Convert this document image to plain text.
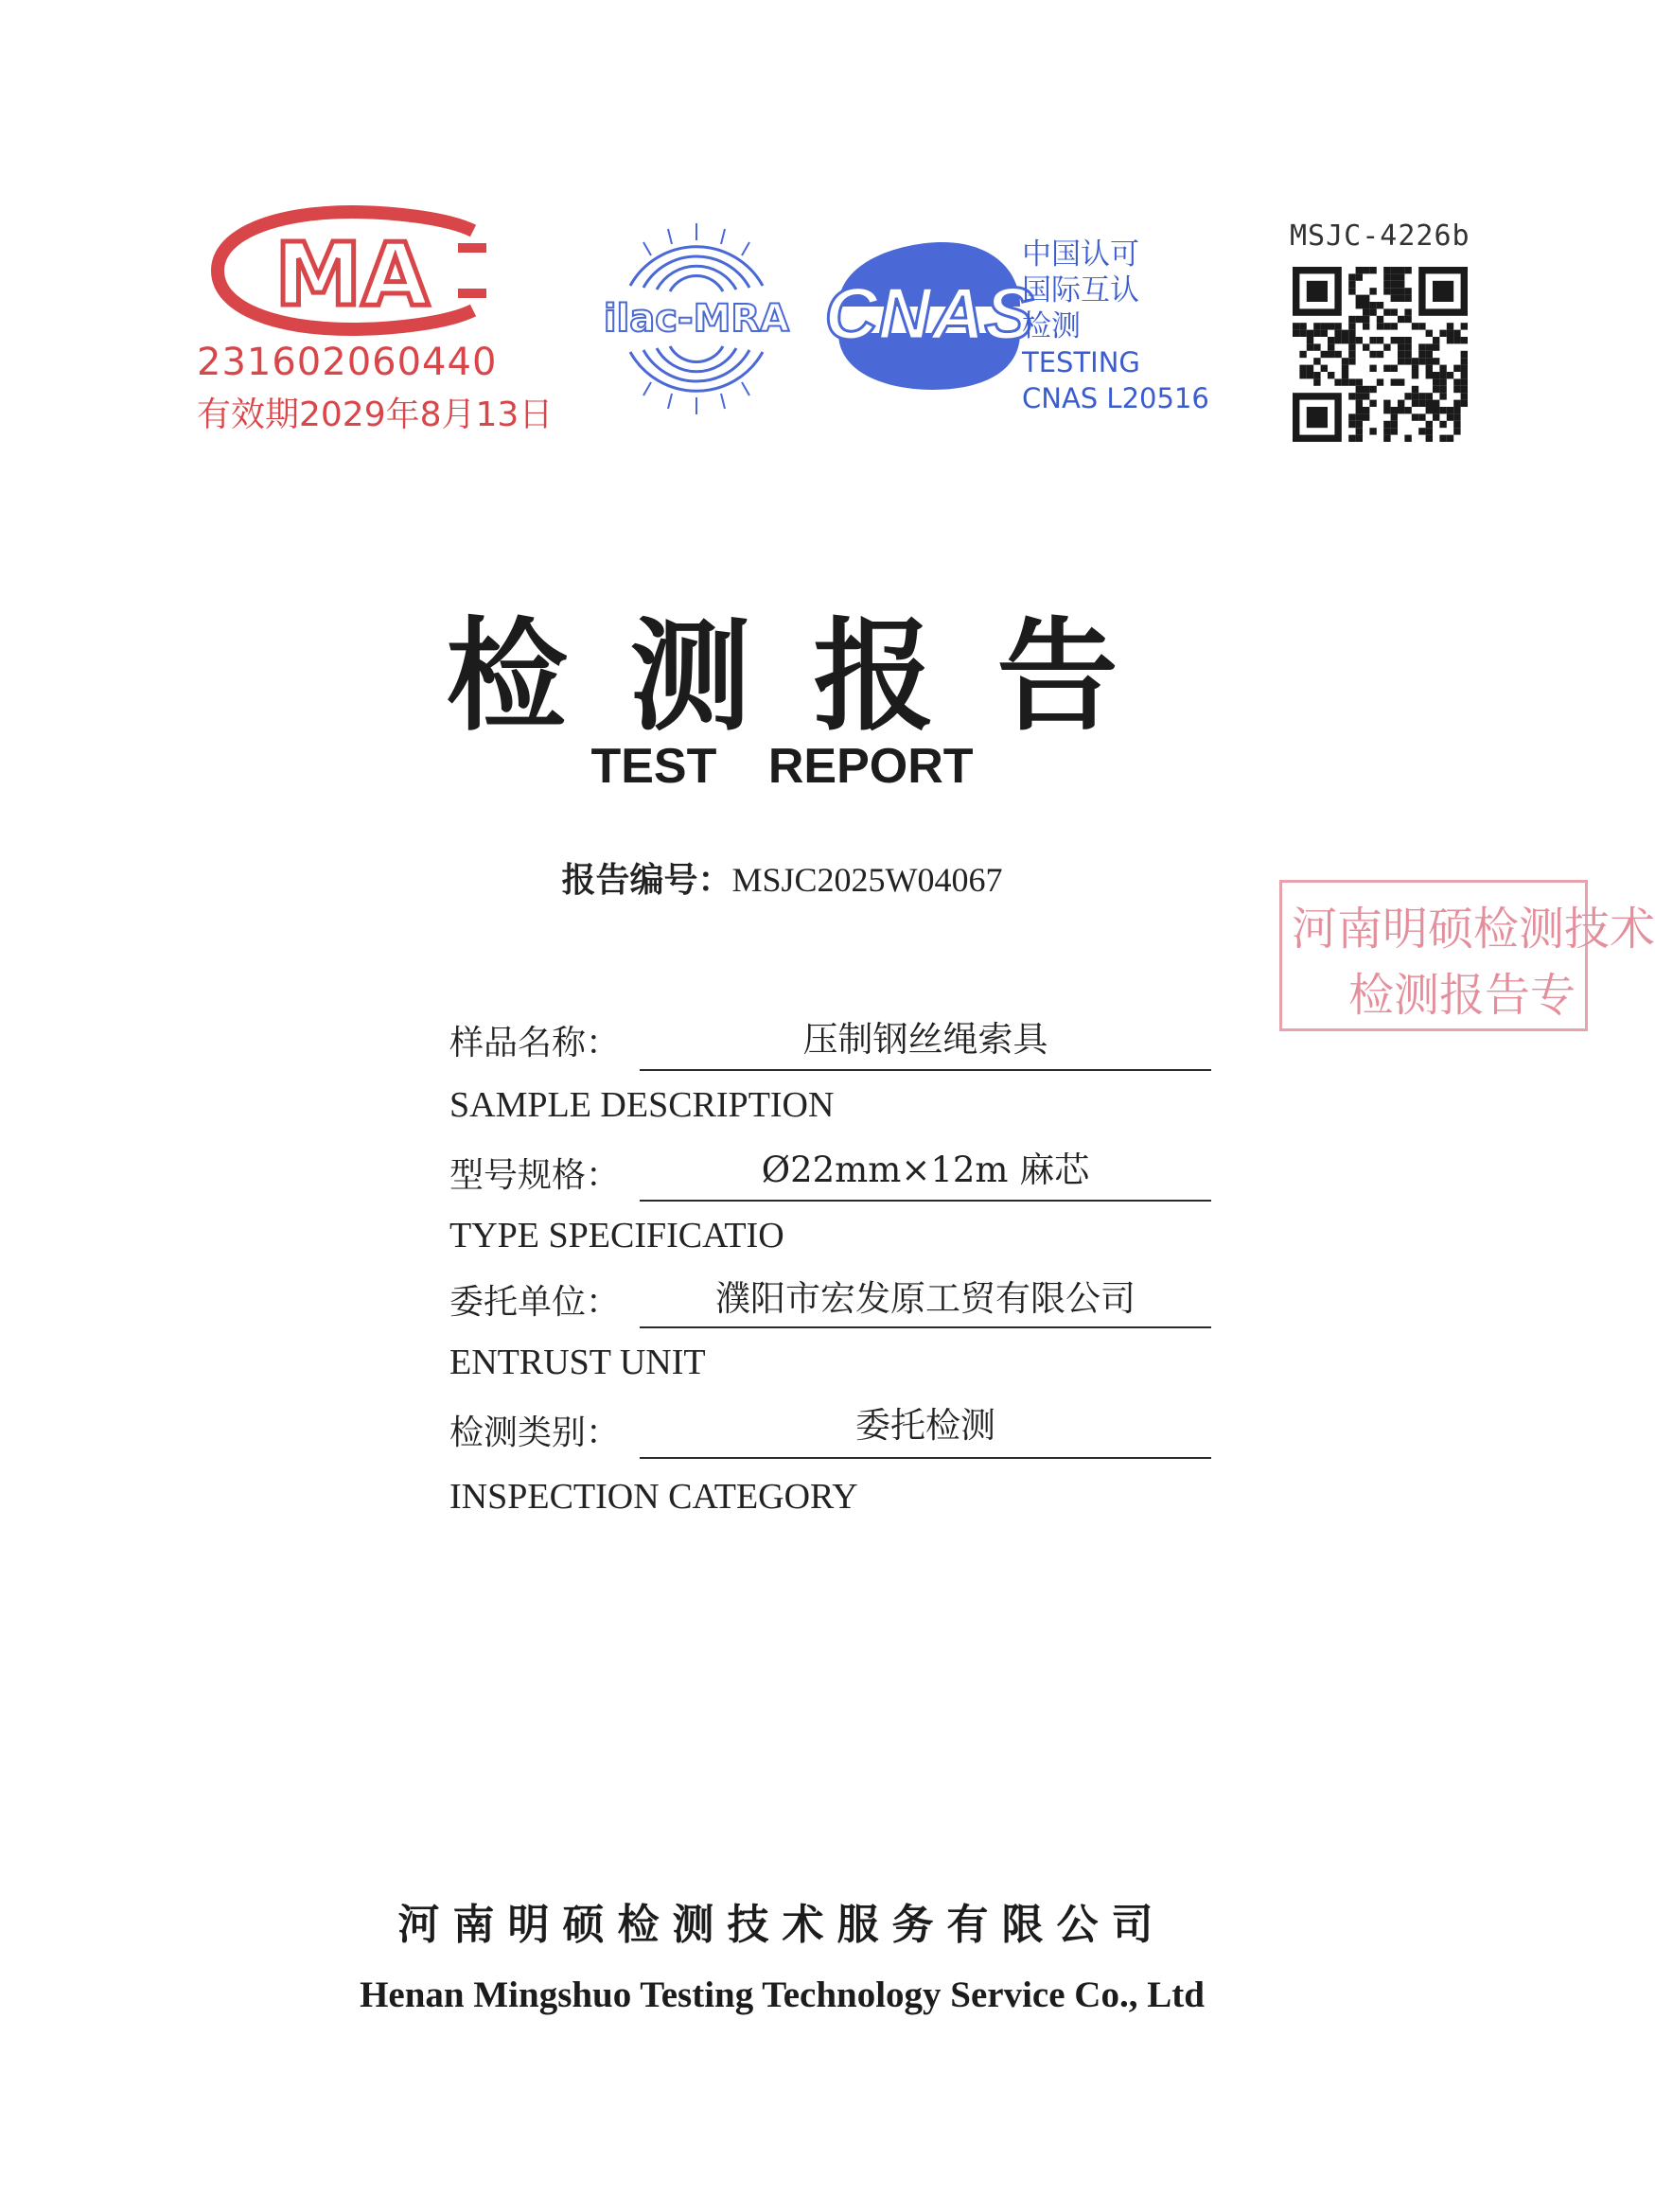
MA
231602060440
有效期2029年8月13日
ilac-MRA CNAS
中国认可
国际互认
检测
TESTING
CNAS L20516
MSJC-4226b
检测报告
TEST REPORT
报告编号：MSJC2025W04067
河南明硕检测技术
检测报告专
样品名称：	压制钢丝绳索具
SAMPLE DESCRIPTION
型号规格：	Ø22mm×12m 麻芯
TYPE SPECIFICATIO
委托单位：	濮阳市宏发原工贸有限公司
ENTRUST UNIT
检测类别：	委托检测
INSPECTION CATEGORY
河南明硕检测技术服务有限公司
Henan Mingshuo Testing Technology Service Co., Ltd
